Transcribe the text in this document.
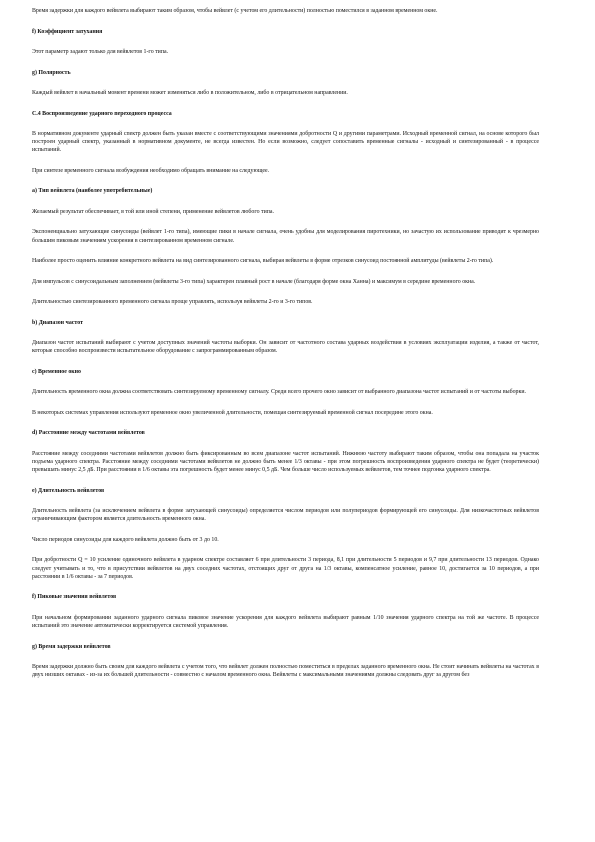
Время задержки для каждого вейвлета выбирают таким образом, чтобы вейвлет (с учетом его длительности) полностью поместился в заданном временном окне.

f) Коэффициент затухания

Этот параметр задают только для вейвлетов 1-го типа.

g) Полярность

Каждый вейвлет в начальный момент времени может изменяться либо в положительном, либо в отрицательном направлении.

С.4 Воспроизведение ударного переходного процесса

В нормативном документе ударный спектр должен быть указан вместе с соответствующими значениями добротности Q и другими параметрами. Исходный временной сигнал, на основе которого был построен ударный спектр, указанный в нормативном документе, не всегда известен. Но если возможно, следует сопоставить временные сигналы - исходный и синтезированный - в процессе испытаний.

При синтезе временного сигнала возбуждения необходимо обращать внимание на следующее.

а) Тип вейвлета (наиболее употребительные)

Желаемый результат обеспечивает, в той или иной степени, применение вейвлетов любого типа.

Экспоненциально затухающие синусоиды (вейвлет 1-го типа), имеющие пики в начале сигнала, очень удобны для моделирования пиротехники, но зачастую их использование приводит к чрезмерно большим пиковым значениям ускорения в синтезированном временном сигнале.

Наиболее просто оценить влияние конкретного вейвлета на вид синтезированного сигнала, выбирая вейвлеты в форме отрезков синусоид постоянной амплитуды (вейвлеты 2-го типа).

Для импульсов с синусоидальным заполнением (вейвлеты 3-го типа) характерен плавный рост в начале (благодаря форме окна Ханна) и максимум в середине временного окна.

Длительностью синтезированного временного сигнала проще управлять, используя вейвлеты 2-го и 3-го типов.

b) Диапазон частот

Диапазон частот испытаний выбирают с учетом доступных значений частоты выборки. Он зависит от частотного состава ударных воздействия в условиях эксплуатации изделия, а также от частот, которые способно воспроизвести испытательное оборудование с запрограммированным образом.

с) Временное окно

Длительность временного окна должна соответствовать синтезируемому временному сигналу. Среди всего прочего окно зависит от выбранного диапазона частот испытаний и от частоты выборки.

В некоторых системах управления используют временное окно увеличенной длительности, помещая синтезируемый временной сигнал посередине этого окна.

d) Расстояние между частотами вейвлетов

Расстояние между соседними частотами вейвлетов должно быть фиксированным во всем диапазоне частот испытаний. Нижнюю частоту выбирают таким образом, чтобы она попадала на участок подъема ударного спектра. Расстояние между соседними частотами вейвлетов не должно быть менее 1/3 октавы - при этом погрешность воспроизведения ударного спектра не будет (теоретически) превышать минус 2,5 дБ. При расстоянии в 1/6 октавы эта погрешность будет менее минус 0,5 дБ. Чем больше число используемых вейвлетов, тем точнее подгонка ударного спектра.

е) Длительность вейвлетов

Длительность вейвлета (за исключением вейвлета в форме затухающей синусоиды) определяется числом периодов или полупериодов формирующей его синусоиды. Для низкочастотных вейвлетов ограничивающим фактором является длительность временного окна.

Число периодов синусоиды для каждого вейвлета должно быть от 3 до 10.

При добротности Q = 10 усиление одиночного вейвлета в ударном спектре составляет 6 при длительности 3 периода, 8,1 при длительности 5 периодов и 9,7 при длительности 13 периодов. Однако следует учитывать и то, что в присутствии вейвлетов на двух соседних частотах, отстоящих друг от друга на 1/3 октавы, компенсатное усиление, равное 10, достигается за 10 периодов, а при расстоянии в 1/6 октавы - за 7 периодов.

f) Пиковые значения вейвлетов

При начальном формировании заданного ударного сигнала пиковое значение ускорения для каждого вейвлета выбирают равным 1/10 значения ударного спектра на той же частоте. В процессе испытаний это значение автоматически корректируется системой управления.

g) Время задержки вейвлетов

Время задержки должно быть своим для каждого вейвлета с учетом того, что вейвлет должен полностью поместиться в пределах заданного временного окна. Не стоит начинать вейвлеты на частотах в двух низших октавах - из-за их большей длительности - совместно с началом временного окна. Вейвлеты с максимальными значениями должны следовать друг за другом без
